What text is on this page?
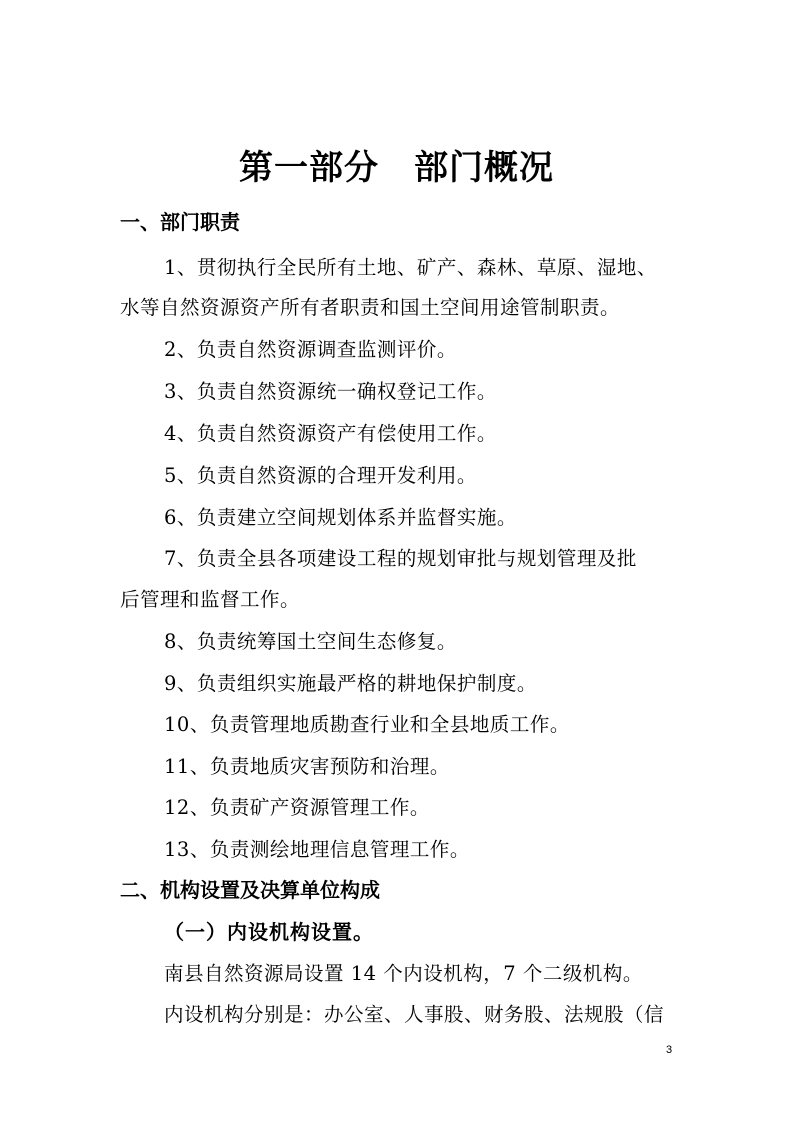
第一部分　部门概况
一、部门职责
1、贯彻执行全民所有土地、矿产、森林、草原、湿地、
水等自然资源资产所有者职责和国土空间用途管制职责。
2、负责自然资源调查监测评价。
3、负责自然资源统一确权登记工作。
4、负责自然资源资产有偿使用工作。
5、负责自然资源的合理开发利用。
6、负责建立空间规划体系并监督实施。
7、负责全县各项建设工程的规划审批与规划管理及批
后管理和监督工作。
8、负责统筹国土空间生态修复。
9、负责组织实施最严格的耕地保护制度。
10、负责管理地质勘查行业和全县地质工作。
11、负责地质灾害预防和治理。
12、负责矿产资源管理工作。
13、负责测绘地理信息管理工作。
二、机构设置及决算单位构成
（一）内设机构设置。
南县自然资源局设置 14 个内设机构，7 个二级机构。
内设机构分别是：办公室、人事股、财务股、法规股（信
3
